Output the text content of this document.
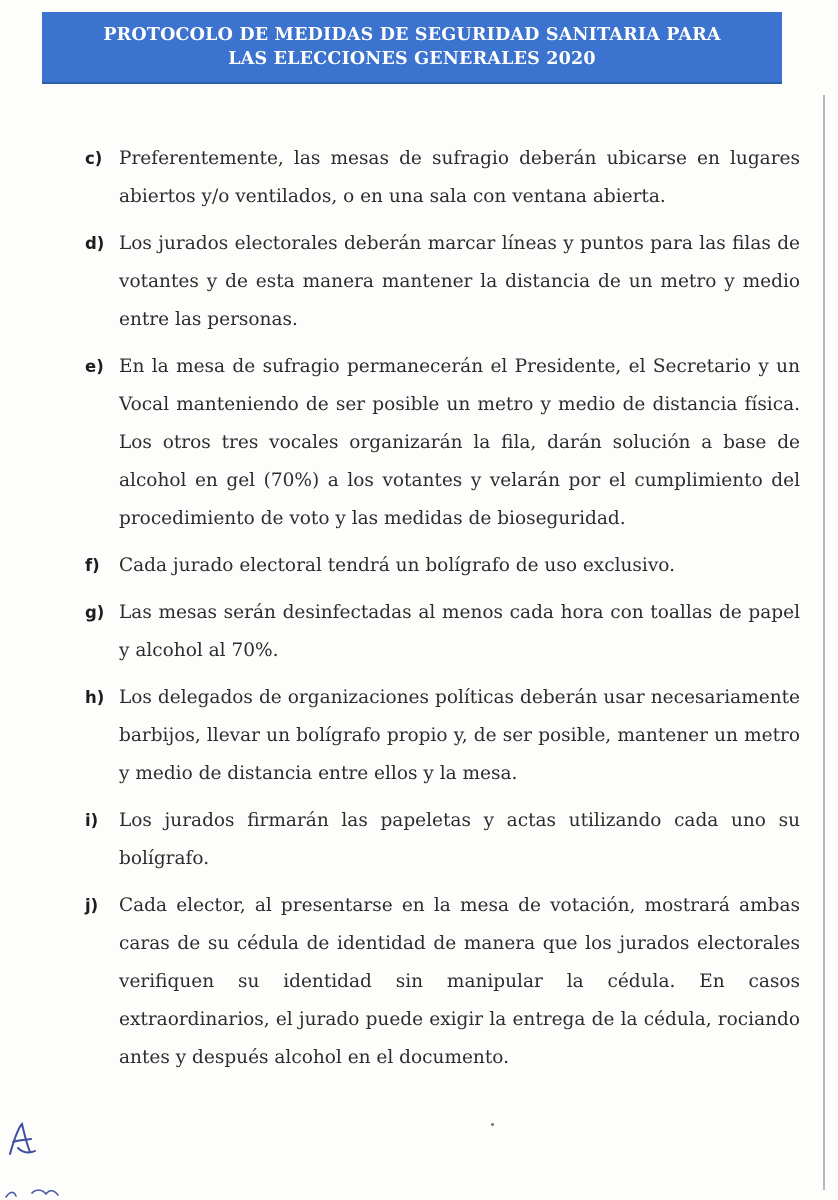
PROTOCOLO DE MEDIDAS DE SEGURIDAD SANITARIA PARA
LAS ELECCIONES GENERALES 2020
c) Preferentemente, las mesas de sufragio deberán ubicarse en lugares abiertos y/o ventilados, o en una sala con ventana abierta.
d) Los jurados electorales deberán marcar líneas y puntos para las filas de votantes y de esta manera mantener la distancia de un metro y medio entre las personas.
e) En la mesa de sufragio permanecerán el Presidente, el Secretario y un Vocal manteniendo de ser posible un metro y medio de distancia física. Los otros tres vocales organizarán la fila, darán solución a base de alcohol en gel (70%) a los votantes y velarán por el cumplimiento del procedimiento de voto y las medidas de bioseguridad.
f)	Cada jurado electoral tendrá un bolígrafo de uso exclusivo.
g) Las mesas serán desinfectadas al menos cada hora con toallas de papel y alcohol al 70%.
h) Los delegados de organizaciones políticas deberán usar necesariamente barbijos, llevar un bolígrafo propio y, de ser posible, mantener un metro y medio de distancia entre ellos y la mesa.
i)	Los jurados firmarán las papeletas y actas utilizando cada uno su bolígrafo.
j)	Cada elector, al presentarse en la mesa de votación, mostrará ambas caras de su cédula de identidad de manera que los jurados electorales verifiquen su identidad sin manipular la cédula. En casos extraordinarios, el jurado puede exigir la entrega de la cédula, rociando antes y después alcohol en el documento.
